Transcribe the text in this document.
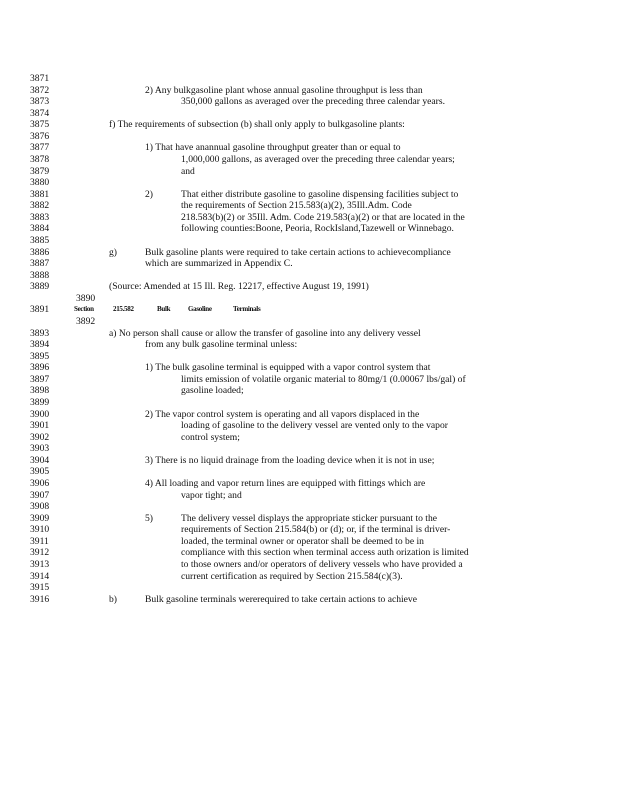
3871
3872	2) Any bulkgasoline plant whose annual gasoline throughput is less than
3873	350,000 gallons as averaged over the preceding three calendar years.
3874
3875	f) The requirements of subsection (b) shall only apply to bulkgasoline plants:
3876
3877	1) That have anannual gasoline throughput greater than or equal to
3878	1,000,000 gallons, as averaged over the preceding three calendar years;
3879	and
3880
3881	2)	That either distribute gasoline to gasoline dispensing facilities subject to
3882	the requirements of Section 215.583(a)(2), 35Ill.Adm. Code
3883	218.583(b)(2) or 35Ill. Adm. Code 219.583(a)(2) or that are located in the
3884	following counties:Boone, Peoria, RockIsland,Tazewell or Winnebago.
3885
3886	g)	Bulk gasoline plants were required to take certain actions to achievecompliance
3887	which are summarized in Appendix C.
3888
3889	(Source: Amended at 15 Ill. Reg. 12217, effective August 19, 1991)
3890
3891	Section	215.582	Bulk	Gasoline	Terminals
3892
3893	a) No person shall cause or allow the transfer of gasoline into any delivery vessel
3894	from any bulk gasoline terminal unless:
3895
3896	1) The bulk gasoline terminal is equipped with a vapor control system that
3897	limits emission of volatile organic material to 80mg/1 (0.00067 lbs/gal) of
3898	gasoline loaded;
3899
3900	2) The vapor control system is operating and all vapors displaced in the
3901	loading of gasoline to the delivery vessel are vented only to the vapor
3902	control system;
3903
3904	3) There is no liquid drainage from the loading device when it is not in use;
3905
3906	4) All loading and vapor return lines are equipped with fittings which are
3907	vapor tight; and
3908
3909	5)	The delivery vessel displays the appropriate sticker pursuant to the
3910	requirements of Section 215.584(b) or (d); or, if the terminal is driver-
3911	loaded, the terminal owner or operator shall be deemed to be in
3912	compliance with this section when terminal access auth orization is limited
3913	to those owners and/or operators of delivery vessels who have provided a
3914	current certification as required by Section 215.584(c)(3).
3915
3916	b)	Bulk gasoline terminals wererequired to take certain actions to achieve
